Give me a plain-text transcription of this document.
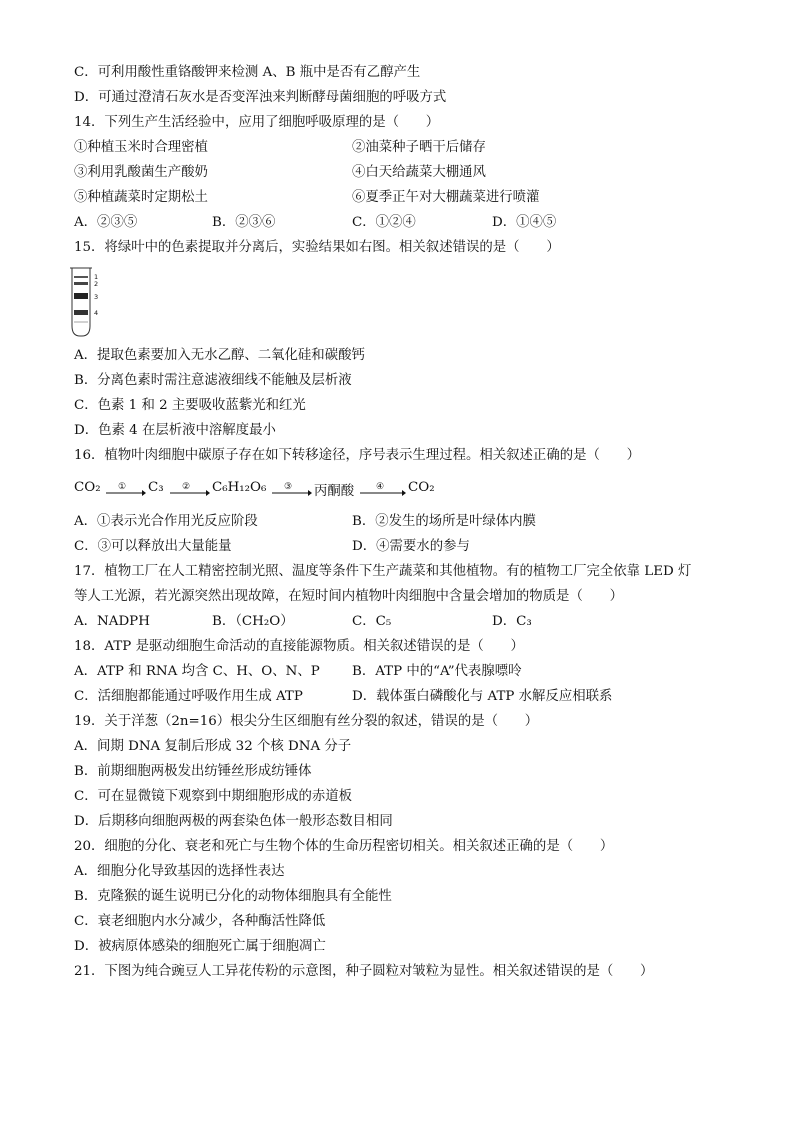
C．可利用酸性重铬酸钾来检测 A、B 瓶中是否有乙醇产生
D．可通过澄清石灰水是否变浑浊来判断酵母菌细胞的呼吸方式
14．下列生产生活经验中，应用了细胞呼吸原理的是（　　）
①种植玉米时合理密植	②油菜种子晒干后储存
③利用乳酸菌生产酸奶	④白天给蔬菜大棚通风
⑤种植蔬菜时定期松土	⑥夏季正午对大棚蔬菜进行喷灌
A．②③⑤	B．②③⑥	C．①②④	D．①④⑤
15．将绿叶中的色素提取并分离后，实验结果如右图。相关叙述错误的是（　　）
1
2
3
4
A．提取色素要加入无水乙醇、二氧化硅和碳酸钙
B．分离色素时需注意滤液细线不能触及层析液
C．色素 1 和 2 主要吸收蓝紫光和红光
D．色素 4 在层析液中溶解度最小
16．植物叶肉细胞中碳原子存在如下转移途径，序号表示生理过程。相关叙述正确的是（　　）
CO₂ ① C₃ ② C₆H₁₂O₆ ③ 丙酮酸 ④ CO₂
A．①表示光合作用光反应阶段	B．②发生的场所是叶绿体内膜
C．③可以释放出大量能量	D．④需要水的参与
17．植物工厂在人工精密控制光照、温度等条件下生产蔬菜和其他植物。有的植物工厂完全依靠 LED 灯
等人工光源，若光源突然出现故障，在短时间内植物叶肉细胞中含量会增加的物质是（　　）
A．NADPH	B．（CH₂O）	C．C₅	D．C₃
18．ATP 是驱动细胞生命活动的直接能源物质。相关叙述错误的是（　　）
A．ATP 和 RNA 均含 C、H、O、N、P B．ATP 中的“A”代表腺嘌呤
C．活细胞都能通过呼吸作用生成 ATP	D．载体蛋白磷酸化与 ATP 水解反应相联系
19．关于洋葱（2n=16）根尖分生区细胞有丝分裂的叙述，错误的是（　　）
A．间期 DNA 复制后形成 32 个核 DNA 分子
B．前期细胞两极发出纺锤丝形成纺锤体
C．可在显微镜下观察到中期细胞形成的赤道板
D．后期移向细胞两极的两套染色体一般形态数目相同
20．细胞的分化、衰老和死亡与生物个体的生命历程密切相关。相关叙述正确的是（　　）
A．细胞分化导致基因的选择性表达
B．克隆猴的诞生说明已分化的动物体细胞具有全能性
C．衰老细胞内水分减少，各种酶活性降低
D．被病原体感染的细胞死亡属于细胞凋亡
21．下图为纯合豌豆人工异花传粉的示意图，种子圆粒对皱粒为显性。相关叙述错误的是（　　）
